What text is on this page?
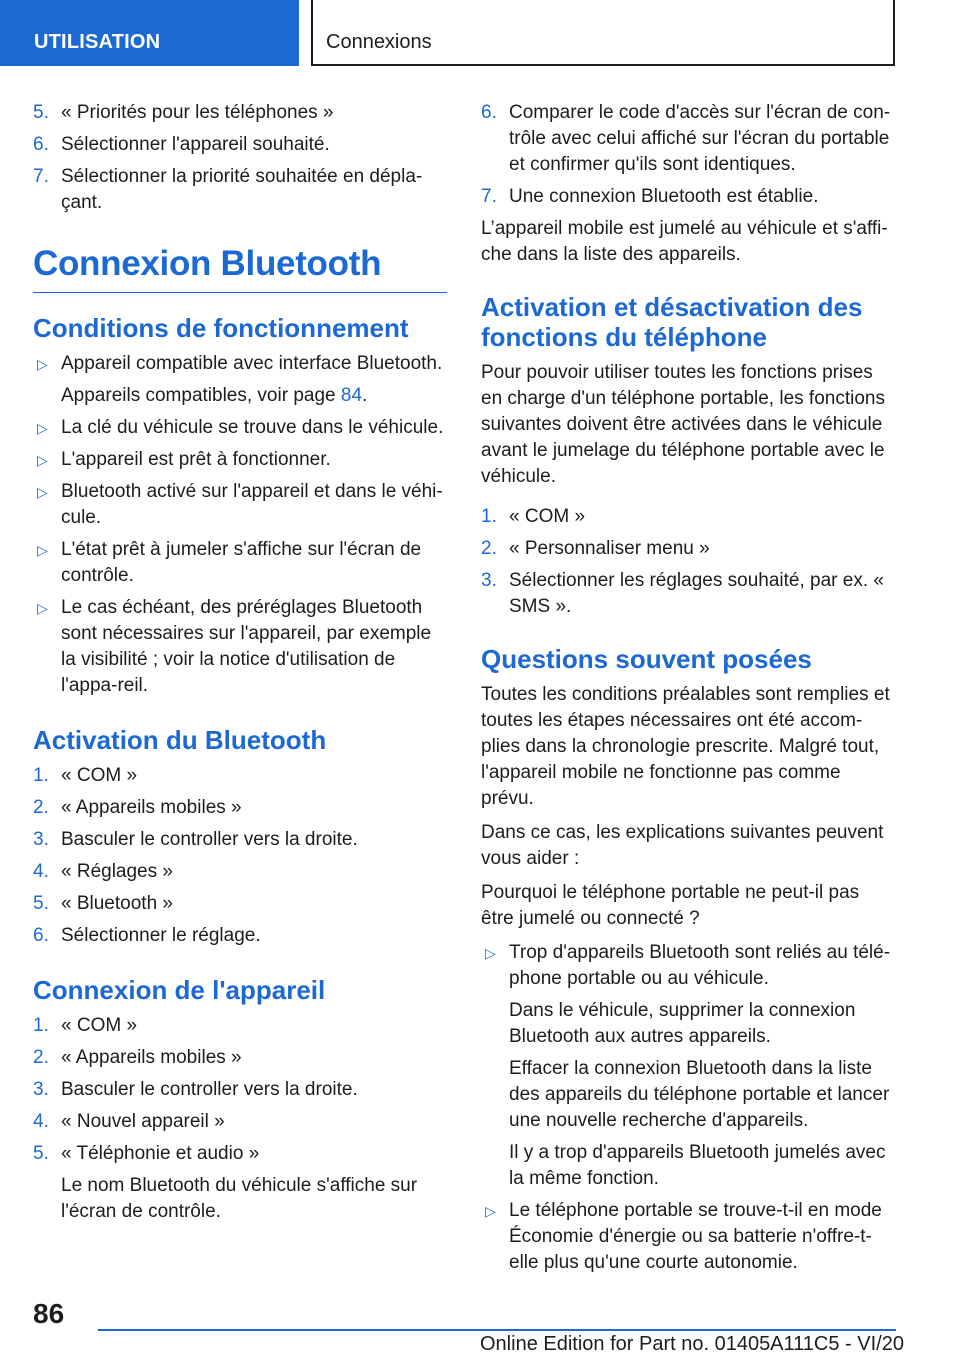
UTILISATION	Connexions
5. « Priorités pour les téléphones »
6. Sélectionner l'appareil souhaité.
7. Sélectionner la priorité souhaitée en dépla‐çant.
Connexion Bluetooth
Conditions de fonctionnement
▷ Appareil compatible avec interface Bluetooth.
Appareils compatibles, voir page 84.
▷ La clé du véhicule se trouve dans le véhicule.
▷ L'appareil est prêt à fonctionner.
▷ Bluetooth activé sur l'appareil et dans le véhi‐cule.
▷ L'état prêt à jumeler s'affiche sur l'écran de contrôle.
▷ Le cas échéant, des préréglages Bluetooth sont nécessaires sur l'appareil, par exemple la visibilité ; voir la notice d'utilisation de l'appa‐reil.
Activation du Bluetooth
1. « COM »
2. « Appareils mobiles »
3. Basculer le controller vers la droite.
4. « Réglages »
5. « Bluetooth »
6. Sélectionner le réglage.
Connexion de l'appareil
1. « COM »
2. « Appareils mobiles »
3. Basculer le controller vers la droite.
4. « Nouvel appareil »
5. « Téléphonie et audio »
Le nom Bluetooth du véhicule s'affiche sur l'écran de contrôle.
6. Comparer le code d'accès sur l'écran de con‐trôle avec celui affiché sur l'écran du portable et confirmer qu'ils sont identiques.
7. Une connexion Bluetooth est établie.
L’appareil mobile est jumelé au véhicule et s'affi‐che dans la liste des appareils.
Activation et désactivation des fonctions du téléphone
Pour pouvoir utiliser toutes les fonctions prises en charge d'un téléphone portable, les fonctions suivantes doivent être activées dans le véhicule avant le jumelage du téléphone portable avec le véhicule.
1. « COM »
2. « Personnaliser menu »
3. Sélectionner les réglages souhaité, par ex. « SMS ».
Questions souvent posées
Toutes les conditions préalables sont remplies et toutes les étapes nécessaires ont été accom‐plies dans la chronologie prescrite. Malgré tout, l'appareil mobile ne fonctionne pas comme prévu.
Dans ce cas, les explications suivantes peuvent vous aider :
Pourquoi le téléphone portable ne peut-il pas être jumelé ou connecté ?
▷ Trop d'appareils Bluetooth sont reliés au télé‐phone portable ou au véhicule.
Dans le véhicule, supprimer la connexion Bluetooth aux autres appareils.
Effacer la connexion Bluetooth dans la liste des appareils du téléphone portable et lancer une nouvelle recherche d'appareils.
Il y a trop d'appareils Bluetooth jumelés avec la même fonction.
▷ Le téléphone portable se trouve-t-il en mode Économie d'énergie ou sa batterie n'offre-t-elle plus qu'une courte autonomie.
86
Online Edition for Part no. 01405A111C5 - VI/20
